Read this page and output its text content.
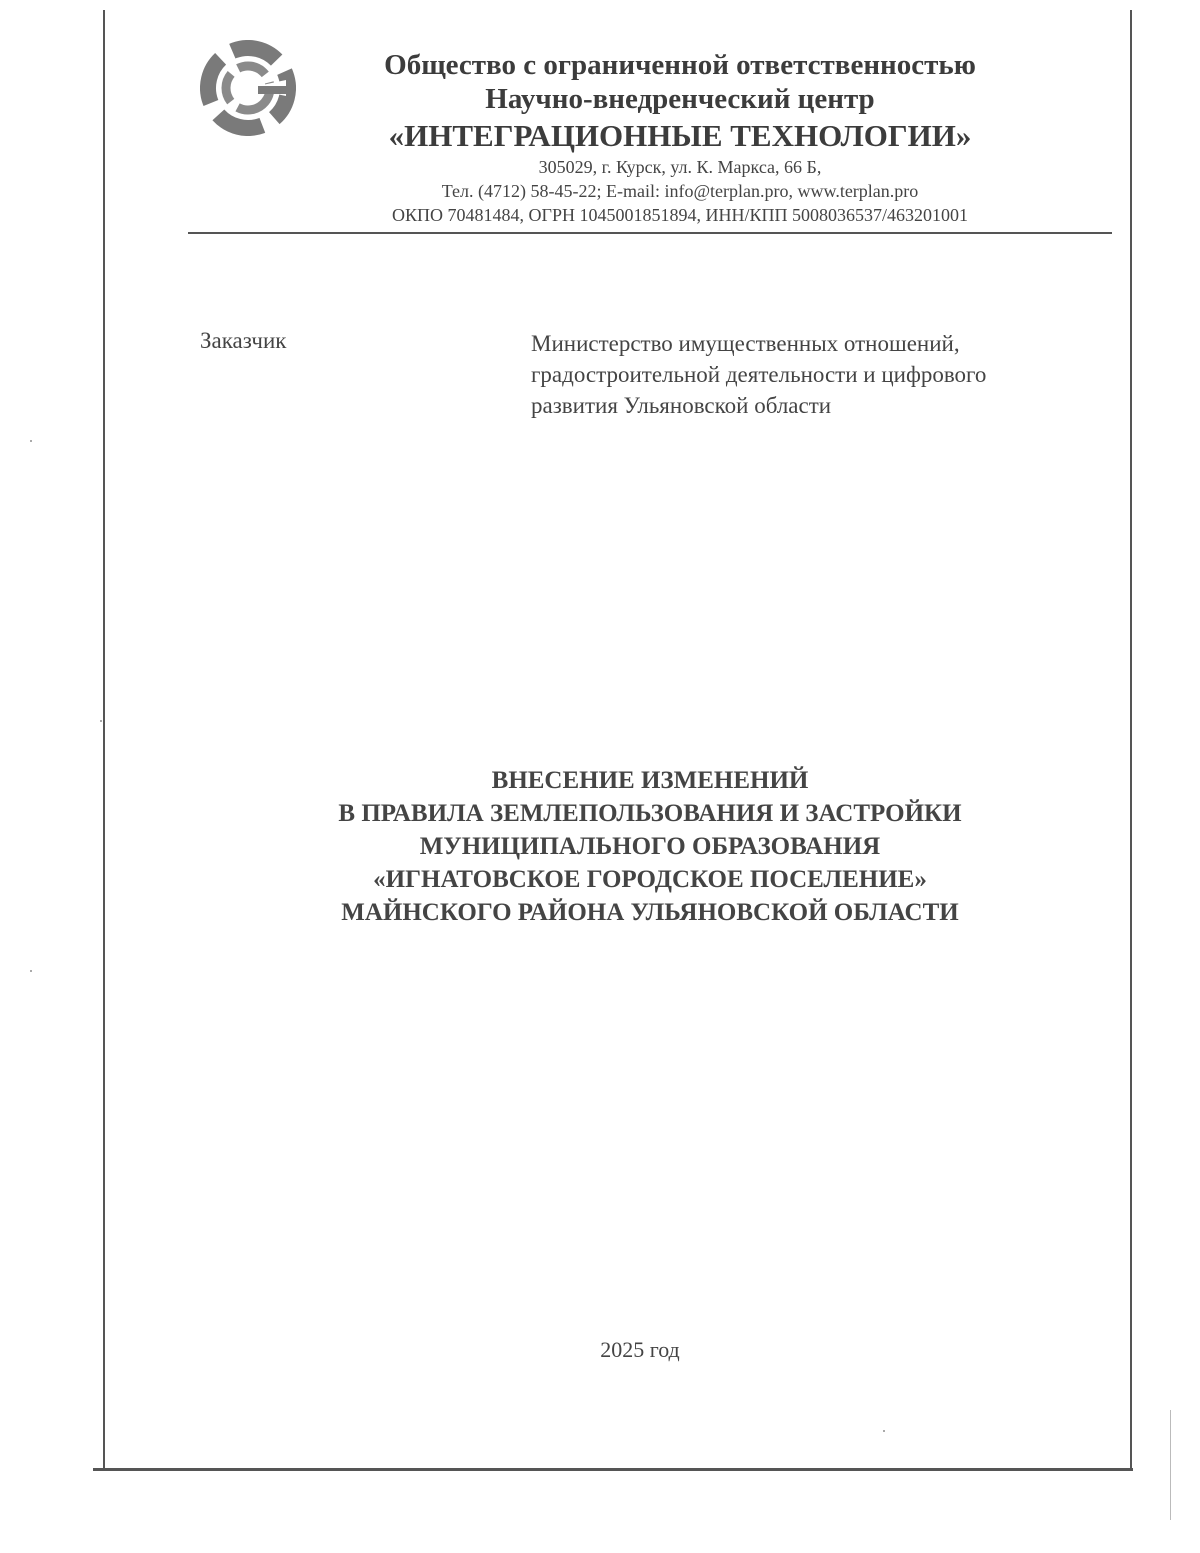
Общество с ограниченной ответственностью
Научно-внедренческий центр
«ИНТЕГРАЦИОННЫЕ ТЕХНОЛОГИИ»
305029, г. Курск, ул. К. Маркса, 66 Б,
Тел. (4712) 58-45-22; E-mail: info@terplan.pro, www.terplan.pro
ОКПО 70481484, ОГРН 1045001851894, ИНН/КПП 5008036537/463201001
Заказчик	Министерство имущественных отношений,
градостроительной деятельности и цифрового
развития Ульяновской области
ВНЕСЕНИЕ ИЗМЕНЕНИЙ
В ПРАВИЛА ЗЕМЛЕПОЛЬЗОВАНИЯ И ЗАСТРОЙКИ
МУНИЦИПАЛЬНОГО ОБРАЗОВАНИЯ
«ИГНАТОВСКОЕ ГОРОДСКОЕ ПОСЕЛЕНИЕ»
МАЙНСКОГО РАЙОНА УЛЬЯНОВСКОЙ ОБЛАСТИ
2025 год
